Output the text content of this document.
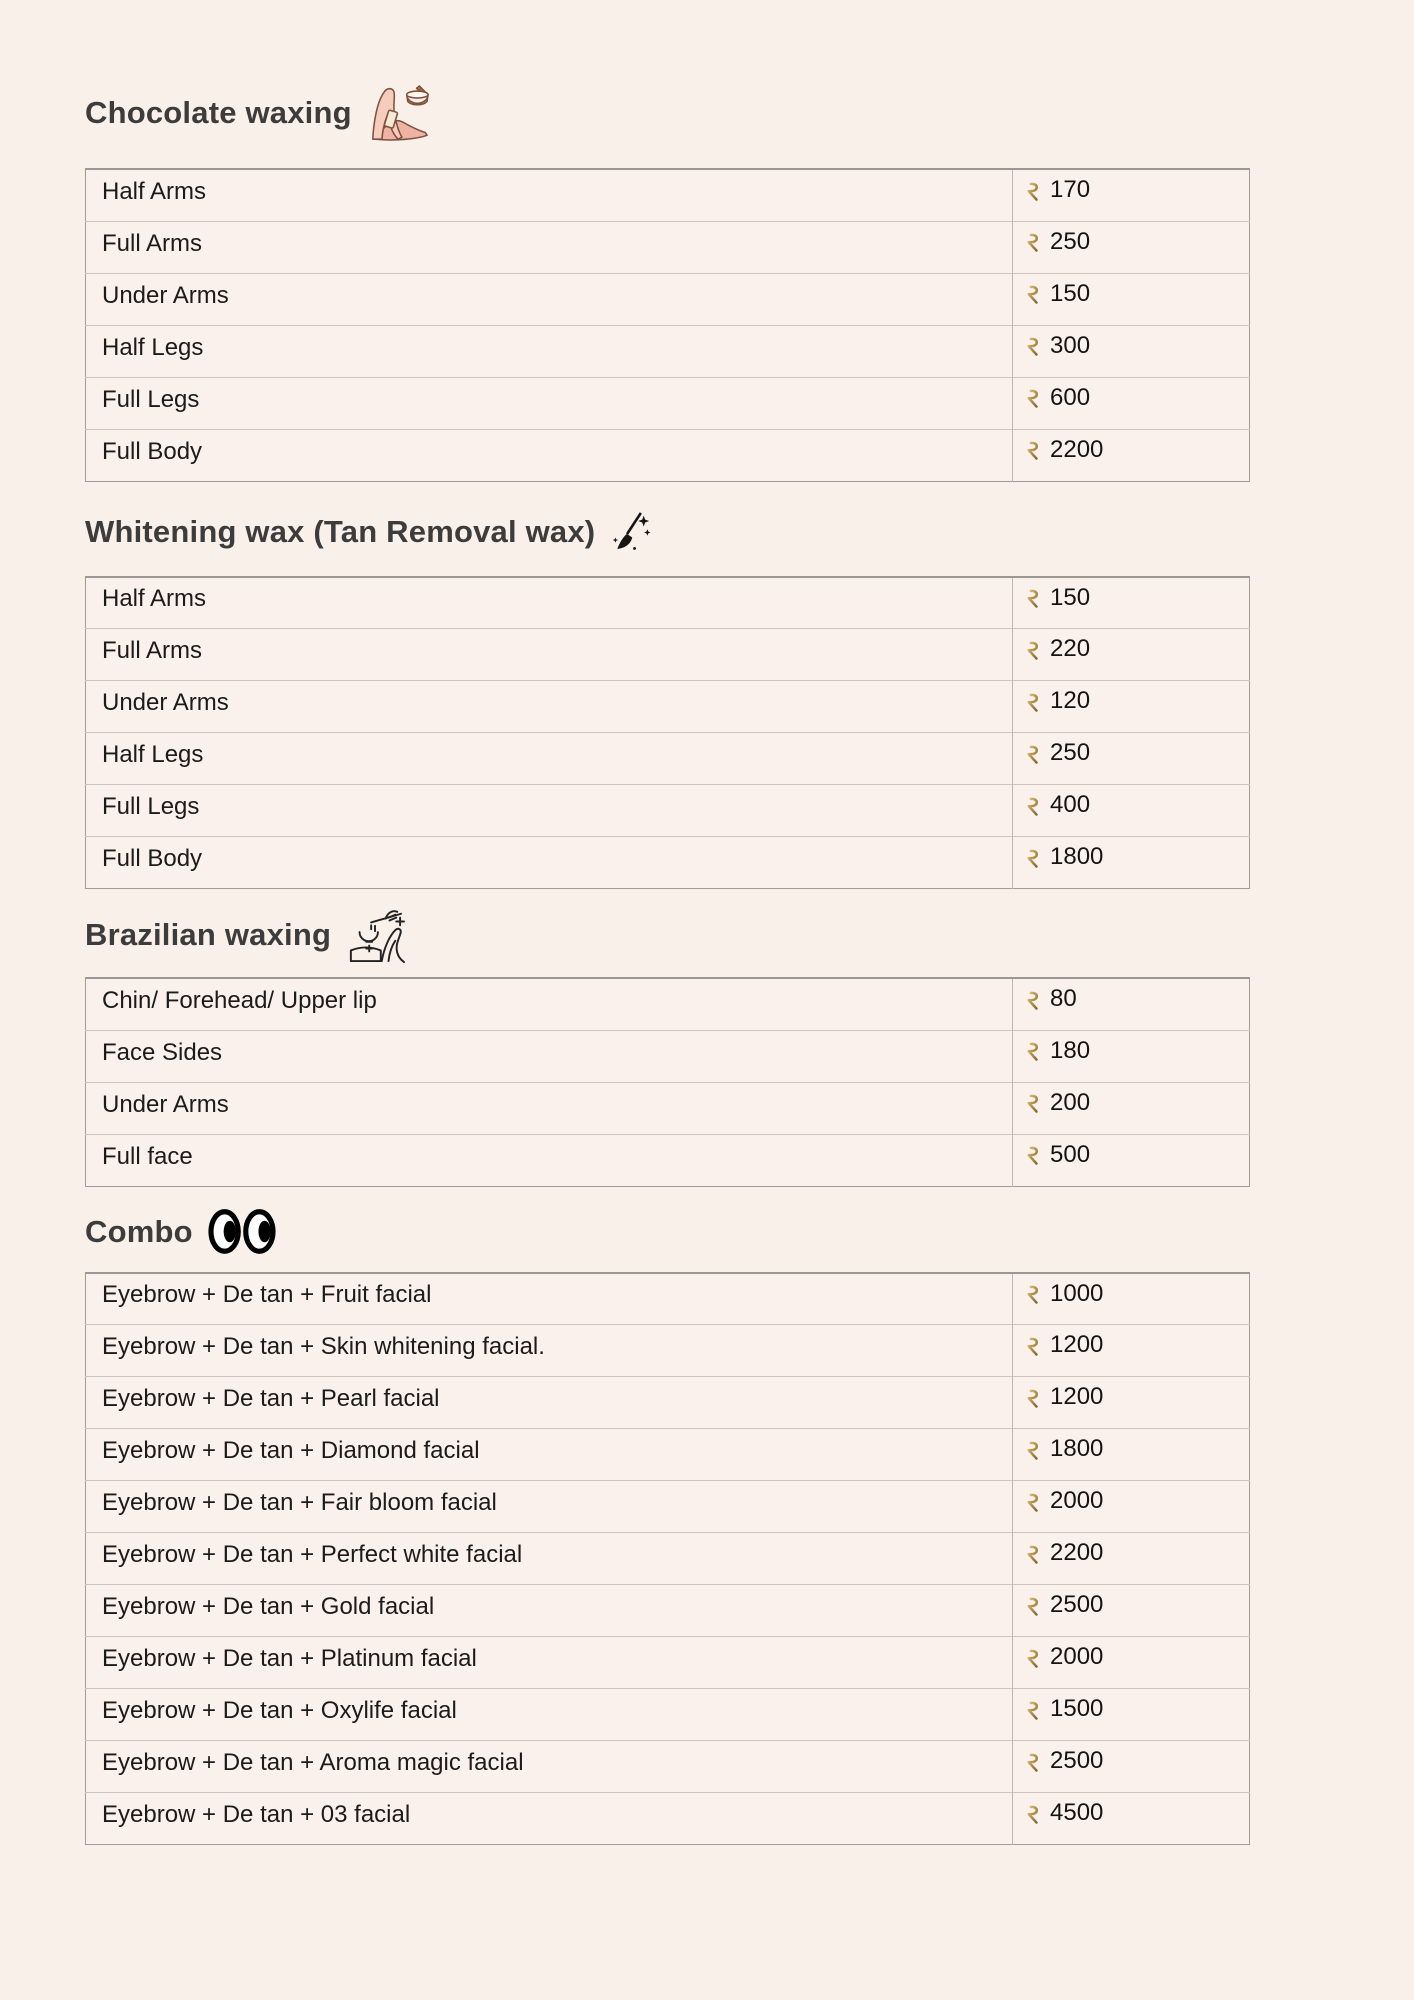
Chocolate waxing
Half Arms	170

Full Arms	250

Under Arms	150

Half Legs	300

Full Legs	600

Full Body	2200
Whitening wax (Tan Removal wax)
Half Arms	150

Full Arms	220

Under Arms	120

Half Legs	250

Full Legs	400

Full Body	1800
Brazilian waxing
Chin/ Forehead/ Upper lip	80

Face Sides	180

Under Arms	200

Full face	500
Combo
Eyebrow + De tan + Fruit facial	1000

Eyebrow + De tan + Skin whitening facial.	1200

Eyebrow + De tan + Pearl facial	1200

Eyebrow + De tan + Diamond facial	1800

Eyebrow + De tan + Fair bloom facial	2000

Eyebrow + De tan + Perfect white facial	2200

Eyebrow + De tan + Gold facial	2500

Eyebrow + De tan + Platinum facial	2000

Eyebrow + De tan + Oxylife facial	1500

Eyebrow + De tan + Aroma magic facial	2500

Eyebrow + De tan + 03 facial	4500
